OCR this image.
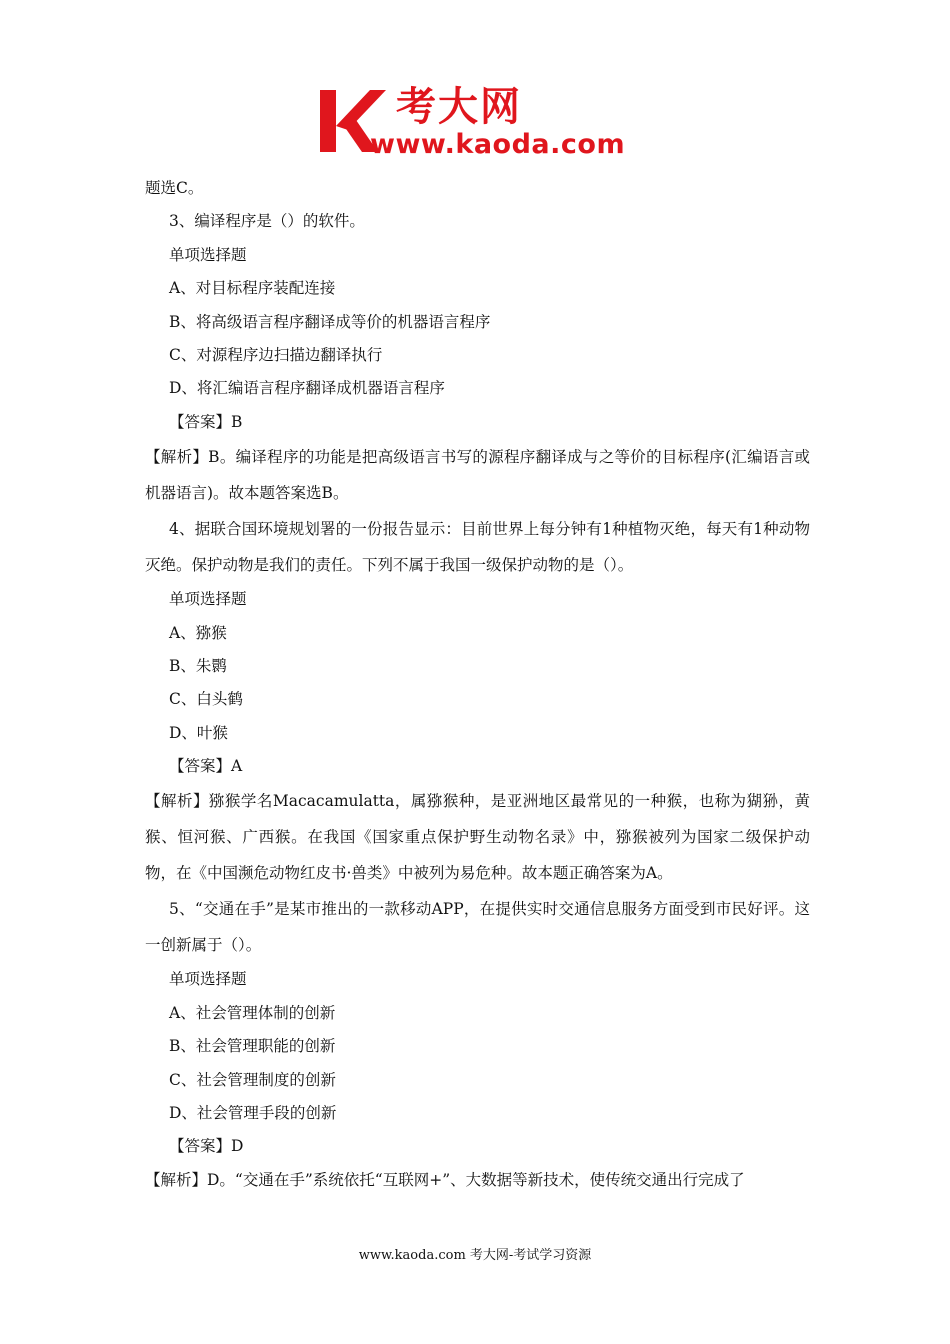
考大网
www.kaoda.com
题选C。
3、编译程序是（）的软件。
单项选择题
A、对目标程序装配连接
B、将高级语言程序翻译成等价的机器语言程序
C、对源程序边扫描边翻译执行
D、将汇编语言程序翻译成机器语言程序
【答案】B
【解析】B。编译程序的功能是把高级语言书写的源程序翻译成与之等价的目标程序(汇编语言或机器语言)。故本题答案选B。
4、据联合国环境规划署的一份报告显示：目前世界上每分钟有1种植物灭绝，每天有1种动物灭绝。保护动物是我们的责任。下列不属于我国一级保护动物的是（）。
单项选择题
A、猕猴
B、朱鹮
C、白头鹤
D、叶猴
【答案】A
【解析】猕猴学名Macacamulatta，属猕猴种，是亚洲地区最常见的一种猴，也称为猢狲，黄猴、恒河猴、广西猴。在我国《国家重点保护野生动物名录》中，猕猴被列为国家二级保护动物，在《中国濒危动物红皮书·兽类》中被列为易危种。故本题正确答案为A。
5、“交通在手”是某市推出的一款移动APP，在提供实时交通信息服务方面受到市民好评。这一创新属于（）。
单项选择题
A、社会管理体制的创新
B、社会管理职能的创新
C、社会管理制度的创新
D、社会管理手段的创新
【答案】D
【解析】D。“交通在手”系统依托“互联网+”、大数据等新技术，使传统交通出行完成了
www.kaoda.com 考大网-考试学习资源
